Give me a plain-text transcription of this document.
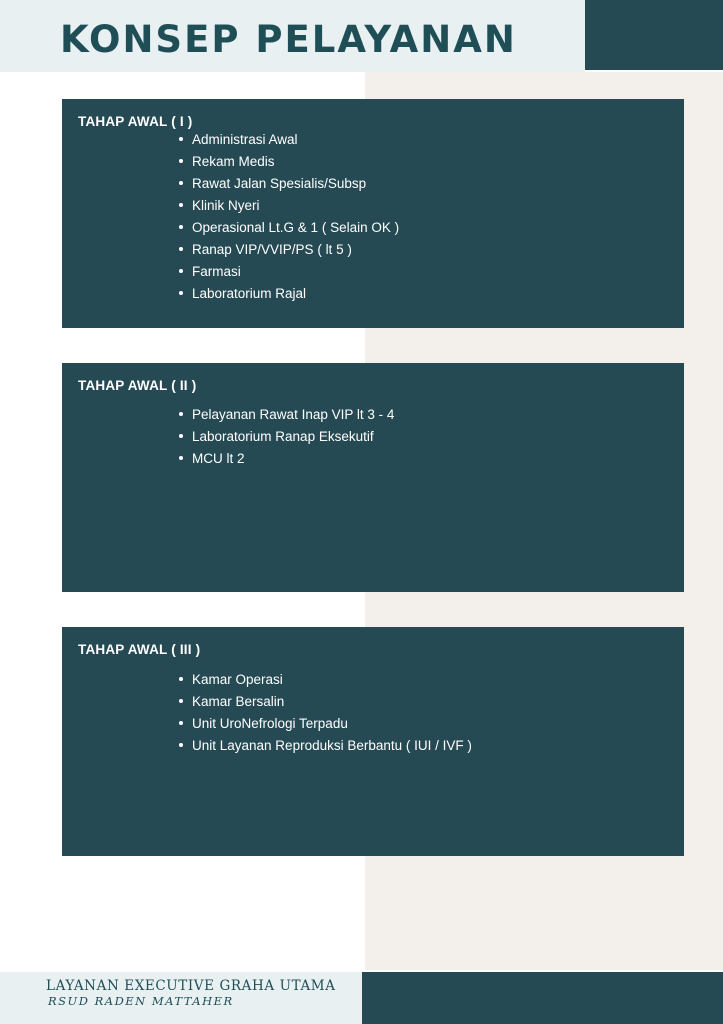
KONSEP PELAYANAN
TAHAP AWAL ( I )
Administrasi Awal
Rekam Medis
Rawat Jalan Spesialis/Subsp
Klinik Nyeri
Operasional Lt.G & 1 ( Selain OK )
Ranap VIP/VVIP/PS ( lt 5 )
Farmasi
Laboratorium Rajal
TAHAP AWAL ( II )
Pelayanan Rawat Inap VIP lt 3 - 4
Laboratorium Ranap Eksekutif
MCU lt 2
TAHAP AWAL ( III )
Kamar Operasi
Kamar Bersalin
Unit UroNefrologi Terpadu
Unit Layanan Reproduksi Berbantu ( IUI / IVF )

LAYANAN EXECUTIVE GRAHA UTAMA

RSUD RADEN MATTAHER
